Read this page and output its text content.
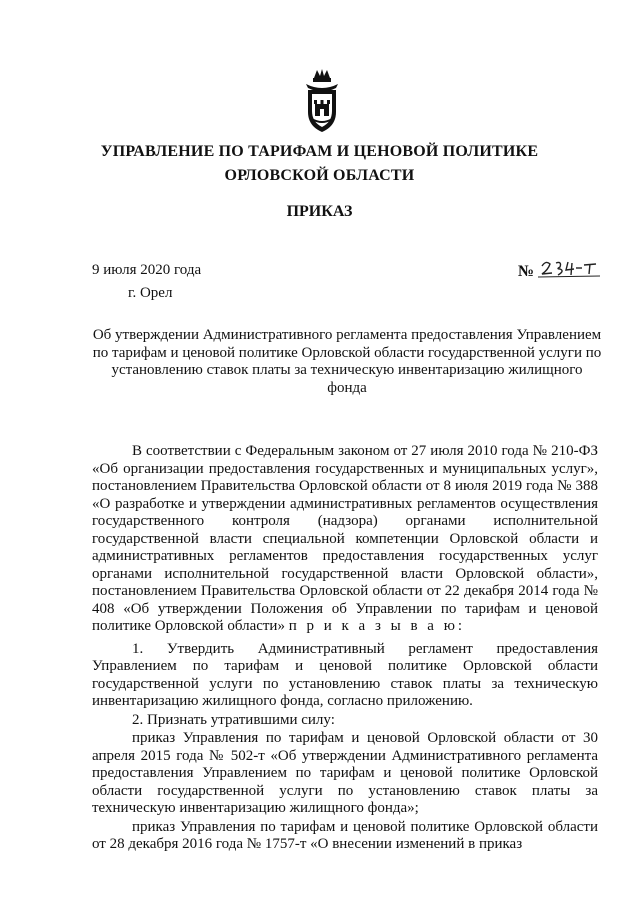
УПРАВЛЕНИЕ ПО ТАРИФАМ И ЦЕНОВОЙ ПОЛИТИКЕ
ОРЛОВСКОЙ ОБЛАСТИ
ПРИКАЗ
9 июля 2020 года
г. Орел
№
Об утверждении Административного регламента предоставления Управлением по тарифам и ценовой политике Орловской области государственной услуги по установлению ставок платы за техническую инвентаризацию жилищного фонда

В соответствии с Федеральным законом от 27 июля 2010 года № 210-ФЗ «Об организации предоставления государственных и муниципальных услуг», постановлением Правительства Орловской области от 8 июля 2019 года № 388 «О разработке и утверждении административных регламентов осуществления государственного контроля (надзора) органами исполнительной государственной власти специальной компетенции Орловской области и административных регламентов предоставления государственных услуг органами исполнительной государственной власти Орловской области», постановлением Правительства Орловской области от 22 декабря 2014 года № 408 «Об утверждении Положения об Управлении по тарифам и ценовой политике Орловской области» п р и к а з ы в а ю:

1. Утвердить Административный регламент предоставления Управлением по тарифам и ценовой политике Орловской области государственной услуги по установлению ставок платы за техническую инвентаризацию жилищного фонда, согласно приложению.

2. Признать утратившими силу:

приказ Управления по тарифам и ценовой Орловской области от 30 апреля 2015 года № 502-т «Об утверждении Административного регламента предоставления Управлением по тарифам и ценовой политике Орловской области государственной услуги по установлению ставок платы за техническую инвентаризацию жилищного фонда»;

приказ Управления по тарифам и ценовой политике Орловской области от 28 декабря 2016 года № 1757-т «О внесении изменений в приказ
